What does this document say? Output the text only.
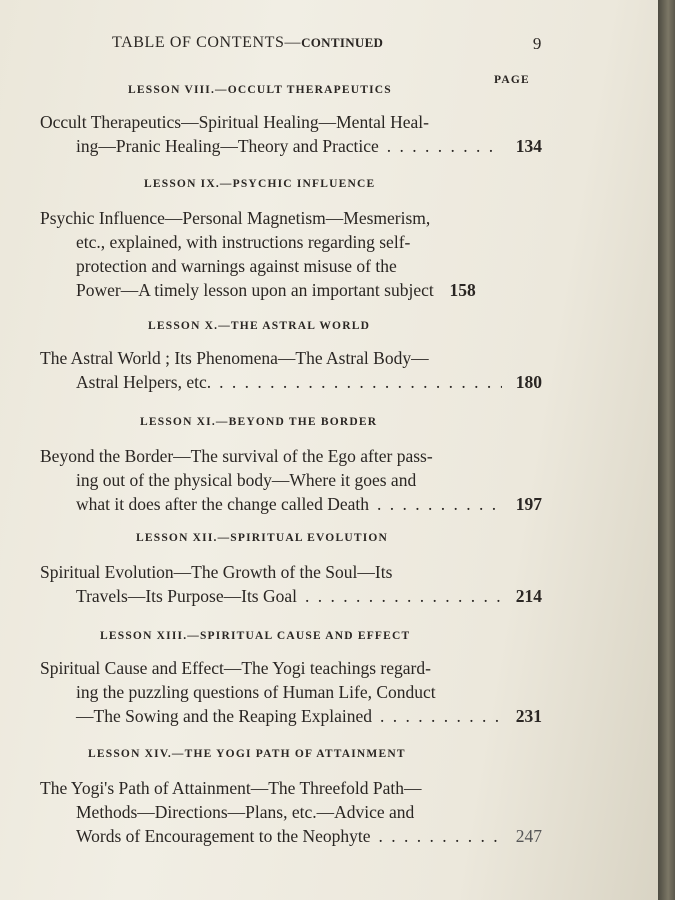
TABLE OF CONTENTS—CONTINUED	9
PAGE
LESSON VIII.—OCCULT THERAPEUTICS
Occult Therapeutics—Spiritual Healing—Mental Heal-
ing—Pranic Healing—Theory and Practice . . .	134
LESSON IX.—PSYCHIC INFLUENCE
Psychic Influence—Personal Magnetism—Mesmerism,
etc., explained, with instructions regarding self-
protection and warnings against misuse of the
Power—A timely lesson upon an important subject 158
LESSON X.—THE ASTRAL WORLD
The Astral World ; Its Phenomena—The Astral Body—
Astral Helpers, etc. . . .	180
LESSON XI.—BEYOND THE BORDER
Beyond the Border—The survival of the Ego after pass-
ing out of the physical body—Where it goes and
what it does after the change called Death . . .	197
LESSON XII.—SPIRITUAL EVOLUTION
Spiritual Evolution—The Growth of the Soul—Its
Travels—Its Purpose—Its Goal . . .	214
LESSON XIII.—SPIRITUAL CAUSE AND EFFECT
Spiritual Cause and Effect—The Yogi teachings regard-
ing the puzzling questions of Human Life, Conduct
—The Sowing and the Reaping Explained . . .	231
LESSON XIV.—THE YOGI PATH OF ATTAINMENT
The Yogi's Path of Attainment—The Threefold Path—
Methods—Directions—Plans, etc.—Advice and
Words of Encouragement to the Neophyte . . .	247
